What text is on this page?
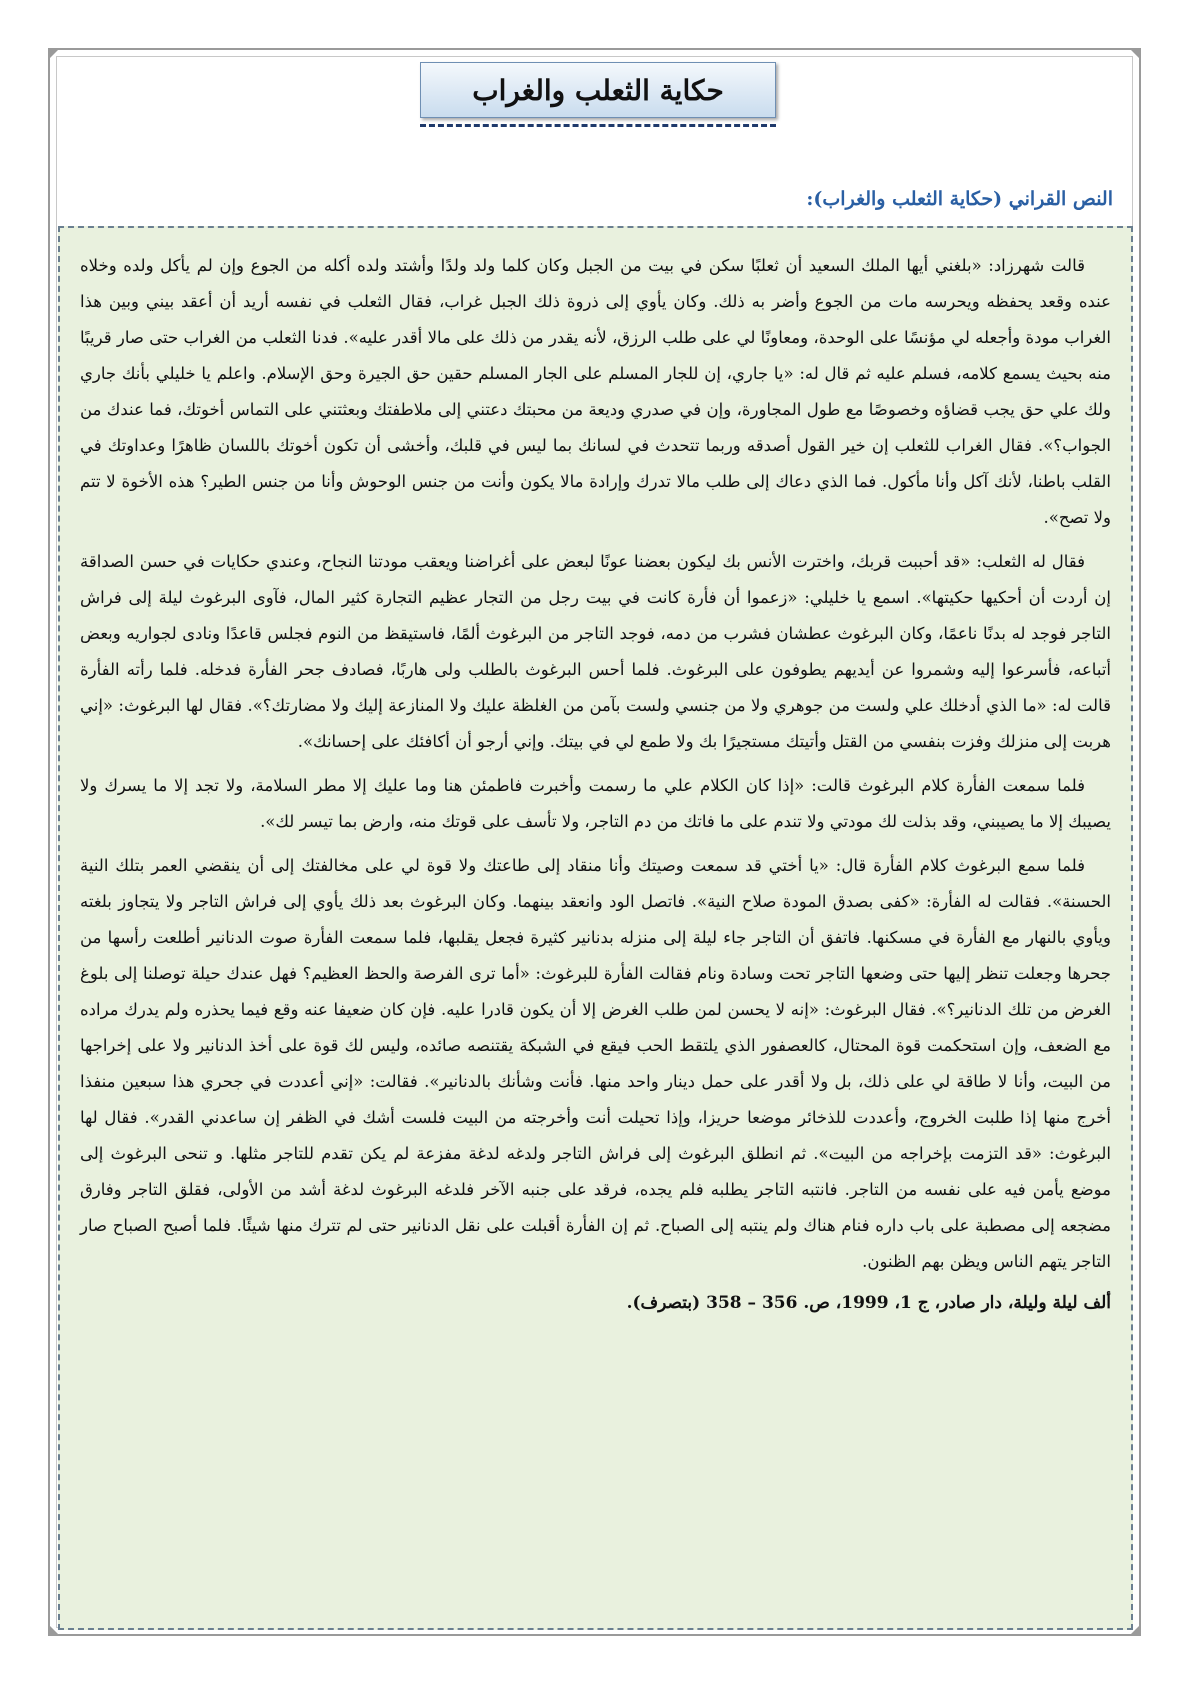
حكاية الثعلب والغراب
النص القراني (حكاية الثعلب والغراب):

قالت شهرزاد: «بلغني أيها الملك السعيد أن ثعلبًا سكن في بيت من الجبل وكان كلما ولد ولدًا وأشتد ولده أكله من الجوع وإن لم يأكل ولده وخلاه عنده وقعد يحفظه ويحرسه مات من الجوع وأضر به ذلك. وكان يأوي إلى ذروة ذلك الجبل غراب، فقال الثعلب في نفسه أريد أن أعقد بيني وبين هذا الغراب مودة وأجعله لي مؤنسًا على الوحدة، ومعاونًا لي على طلب الرزق، لأنه يقدر من ذلك على مالا أقدر عليه». فدنا الثعلب من الغراب حتى صار قريبًا منه بحيث يسمع كلامه، فسلم عليه ثم قال له: «يا جاري، إن للجار المسلم على الجار المسلم حقين حق الجيرة وحق الإسلام. واعلم يا خليلي بأنك جاري ولك علي حق يجب قضاؤه وخصوصًا مع طول المجاورة، وإن في صدري وديعة من محبتك دعتني إلى ملاطفتك وبعثتني على التماس أخوتك، فما عندك من الجواب؟». فقال الغراب للثعلب إن خير القول أصدقه وربما تتحدث في لسانك بما ليس في قلبك، وأخشى أن تكون أخوتك باللسان ظاهرًا وعداوتك في القلب باطنا، لأنك آكل وأنا مأكول. فما الذي دعاك إلى طلب مالا تدرك وإرادة مالا يكون وأنت من جنس الوحوش وأنا من جنس الطير؟ هذه الأخوة لا تتم ولا تصح».

فقال له الثعلب: «قد أحببت قربك، واخترت الأنس بك ليكون بعضنا عونًا لبعض على أغراضنا ويعقب مودتنا النجاح، وعندي حكايات في حسن الصداقة إن أردت أن أحكيها حكيتها». اسمع يا خليلي: «زعموا أن فأرة كانت في بيت رجل من التجار عظيم التجارة كثير المال، فآوى البرغوث ليلة إلى فراش التاجر فوجد له بدنًا ناعمًا، وكان البرغوث عطشان فشرب من دمه، فوجد التاجر من البرغوث ألمًا، فاستيقظ من النوم فجلس قاعدًا ونادى لجواريه وبعض أتباعه، فأسرعوا إليه وشمروا عن أيديهم يطوفون على البرغوث. فلما أحس البرغوث بالطلب ولى هاربًا، فصادف جحر الفأرة فدخله. فلما رأته الفأرة قالت له: «ما الذي أدخلك علي ولست من جوهري ولا من جنسي ولست بآمن من الغلظة عليك ولا المنازعة إليك ولا مضارتك؟». فقال لها البرغوث: «إني هربت إلى منزلك وفزت بنفسي من القتل وأتيتك مستجيرًا بك ولا طمع لي في بيتك. وإني أرجو أن أكافئك على إحسانك».

فلما سمعت الفأرة كلام البرغوث قالت: «إذا كان الكلام علي ما رسمت وأخبرت فاطمئن هنا وما عليك إلا مطر السلامة، ولا تجد إلا ما يسرك ولا يصيبك إلا ما يصيبني، وقد بذلت لك مودتي ولا تندم على ما فاتك من دم التاجر، ولا تأسف على قوتك منه، وارض بما تيسر لك».

فلما سمع البرغوث كلام الفأرة قال: «يا أختي قد سمعت وصيتك وأنا منقاد إلى طاعتك ولا قوة لي على مخالفتك إلى أن ينقضي العمر بتلك النية الحسنة». فقالت له الفأرة: «كفى بصدق المودة صلاح النية». فاتصل الود وانعقد بينهما. وكان البرغوث بعد ذلك يأوي إلى فراش التاجر ولا يتجاوز بلغته ويأوي بالنهار مع الفأرة في مسكنها. فاتفق أن التاجر جاء ليلة إلى منزله بدنانير كثيرة فجعل يقلبها، فلما سمعت الفأرة صوت الدنانير أطلعت رأسها من جحرها وجعلت تنظر إليها حتى وضعها التاجر تحت وسادة ونام فقالت الفأرة للبرغوث: «أما ترى الفرصة والحظ العظيم؟ فهل عندك حيلة توصلنا إلى بلوغ الغرض من تلك الدنانير؟». فقال البرغوث: «إنه لا يحسن لمن طلب الغرض إلا أن يكون قادرا عليه. فإن كان ضعيفا عنه وقع فيما يحذره ولم يدرك مراده مع الضعف، وإن استحكمت قوة المحتال، كالعصفور الذي يلتقط الحب فيقع في الشبكة يقتنصه صائده، وليس لك قوة على أخذ الدنانير ولا على إخراجها من البيت، وأنا لا طاقة لي على ذلك، بل ولا أقدر على حمل دينار واحد منها. فأنت وشأنك بالدنانير». فقالت: «إني أعددت في جحري هذا سبعين منفذا أخرج منها إذا طلبت الخروج، وأعددت للذخائر موضعا حريزا، وإذا تحيلت أنت وأخرجته من البيت فلست أشك في الظفر إن ساعدني القدر». فقال لها البرغوث: «قد التزمت بإخراجه من البيت». ثم انطلق البرغوث إلى فراش التاجر ولدغه لدغة مفزعة لم يكن تقدم للتاجر مثلها. و تنحى البرغوث إلى موضع يأمن فيه على نفسه من التاجر. فانتبه التاجر يطلبه فلم يجده، فرقد على جنبه الآخر فلدغه البرغوث لدغة أشد من الأولى، فقلق التاجر وفارق مضجعه إلى مصطبة على باب داره فنام هناك ولم ينتبه إلى الصباح. ثم إن الفأرة أقبلت على نقل الدنانير حتى لم تترك منها شيئًا. فلما أصبح الصباح صار التاجر يتهم الناس ويظن بهم الظنون.

ألف ليلة وليلة، دار صادر، ج 1، 1999، ص. 356 – 358 (بتصرف).
